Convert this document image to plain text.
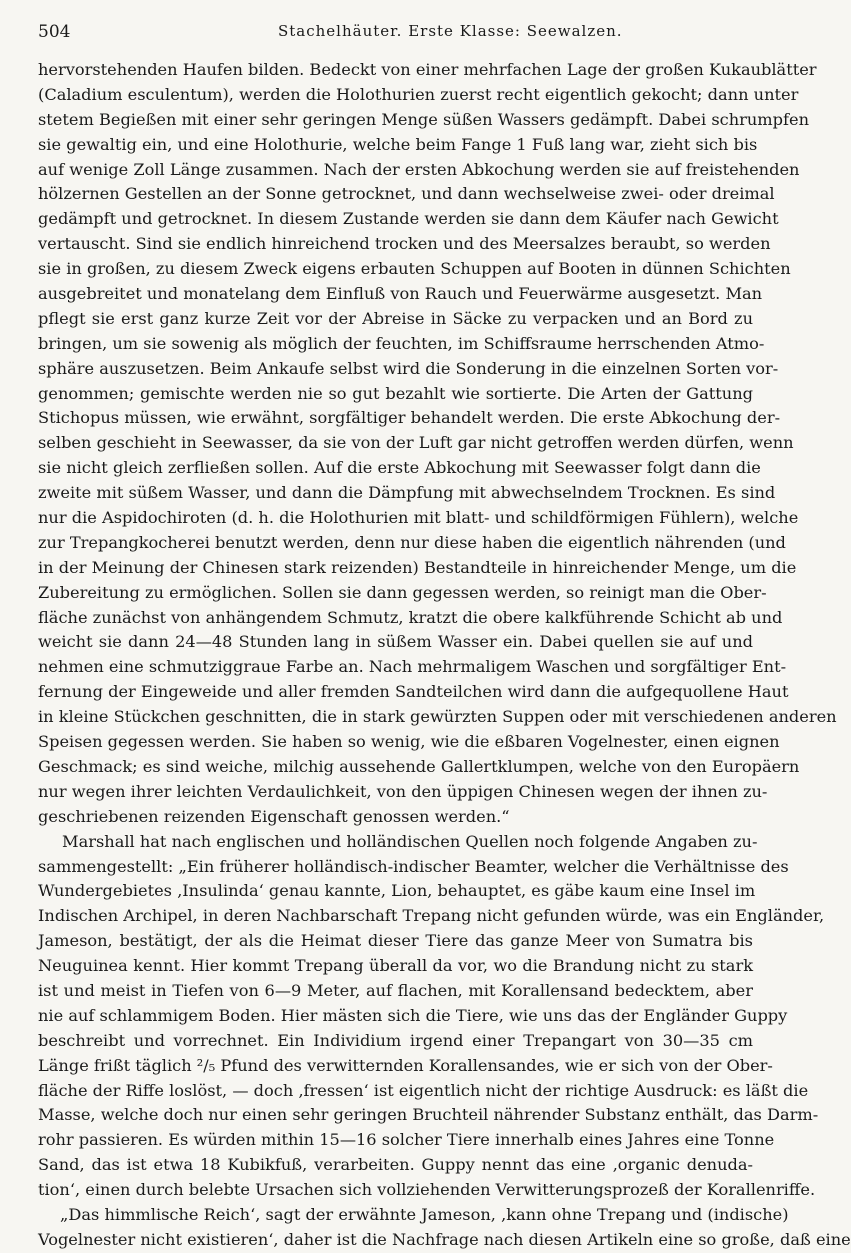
504	Stachelhäuter. Erste Klasse: Seewalzen.
hervorstehenden Haufen bilden. Bedeckt von einer mehrfachen Lage der großen Kukaublätter
(Caladium esculentum), werden die Holothurien zuerst recht eigentlich gekocht; dann unter
stetem Begießen mit einer sehr geringen Menge süßen Wassers gedämpft. Dabei schrumpfen
sie gewaltig ein, und eine Holothurie, welche beim Fange 1 Fuß lang war, zieht sich bis
auf wenige Zoll Länge zusammen. Nach der ersten Abkochung werden sie auf freistehenden
hölzernen Gestellen an der Sonne getrocknet, und dann wechselweise zwei- oder dreimal
gedämpft und getrocknet. In diesem Zustande werden sie dann dem Käufer nach Gewicht
vertauscht. Sind sie endlich hinreichend trocken und des Meersalzes beraubt, so werden
sie in großen, zu diesem Zweck eigens erbauten Schuppen auf Booten in dünnen Schichten
ausgebreitet und monatelang dem Einfluß von Rauch und Feuerwärme ausgesetzt. Man
pflegt sie erst ganz kurze Zeit vor der Abreise in Säcke zu verpacken und an Bord zu
bringen, um sie sowenig als möglich der feuchten, im Schiffsraume herrschenden Atmo-
sphäre auszusetzen. Beim Ankaufe selbst wird die Sonderung in die einzelnen Sorten vor-
genommen; gemischte werden nie so gut bezahlt wie sortierte. Die Arten der Gattung
Stichopus müssen, wie erwähnt, sorgfältiger behandelt werden. Die erste Abkochung der-
selben geschieht in Seewasser, da sie von der Luft gar nicht getroffen werden dürfen, wenn
sie nicht gleich zerfließen sollen. Auf die erste Abkochung mit Seewasser folgt dann die
zweite mit süßem Wasser, und dann die Dämpfung mit abwechselndem Trocknen. Es sind
nur die Aspidochiroten (d. h. die Holothurien mit blatt- und schildförmigen Fühlern), welche
zur Trepangkocherei benutzt werden, denn nur diese haben die eigentlich nährenden (und
in der Meinung der Chinesen stark reizenden) Bestandteile in hinreichender Menge, um die
Zubereitung zu ermöglichen. Sollen sie dann gegessen werden, so reinigt man die Ober-
fläche zunächst von anhängendem Schmutz, kratzt die obere kalkführende Schicht ab und
weicht sie dann 24—48 Stunden lang in süßem Wasser ein. Dabei quellen sie auf und
nehmen eine schmutziggraue Farbe an. Nach mehrmaligem Waschen und sorgfältiger Ent-
fernung der Eingeweide und aller fremden Sandteilchen wird dann die aufgequollene Haut
in kleine Stückchen geschnitten, die in stark gewürzten Suppen oder mit verschiedenen anderen
Speisen gegessen werden. Sie haben so wenig, wie die eßbaren Vogelnester, einen eignen
Geschmack; es sind weiche, milchig aussehende Gallertklumpen, welche von den Europäern
nur wegen ihrer leichten Verdaulichkeit, von den üppigen Chinesen wegen der ihnen zu-
geschriebenen reizenden Eigenschaft genossen werden.“
Marshall hat nach englischen und holländischen Quellen noch folgende Angaben zu-
sammengestellt: „Ein früherer holländisch-indischer Beamter, welcher die Verhältnisse des
Wundergebietes ‚Insulinda‘ genau kannte, Lion, behauptet, es gäbe kaum eine Insel im
Indischen Archipel, in deren Nachbarschaft Trepang nicht gefunden würde, was ein Engländer,
Jameson, bestätigt, der als die Heimat dieser Tiere das ganze Meer von Sumatra bis
Neuguinea kennt. Hier kommt Trepang überall da vor, wo die Brandung nicht zu stark
ist und meist in Tiefen von 6—9 Meter, auf flachen, mit Korallensand bedecktem, aber
nie auf schlammigem Boden. Hier mästen sich die Tiere, wie uns das der Engländer Guppy
beschreibt und vorrechnet. Ein Individium irgend einer Trepangart von 30—35 cm
Länge frißt täglich ²/₅ Pfund des verwitternden Korallensandes, wie er sich von der Ober-
fläche der Riffe loslöst, — doch ‚fressen‘ ist eigentlich nicht der richtige Ausdruck: es läßt die
Masse, welche doch nur einen sehr geringen Bruchteil nährender Substanz enthält, das Darm-
rohr passieren. Es würden mithin 15—16 solcher Tiere innerhalb eines Jahres eine Tonne
Sand, das ist etwa 18 Kubikfuß, verarbeiten. Guppy nennt das eine ‚organic denuda-
tion‘, einen durch belebte Ursachen sich vollziehenden Verwitterungsprozeß der Korallenriffe.
„Das himmlische Reich‘, sagt der erwähnte Jameson, ‚kann ohne Trepang und (indische)
Vogelnester nicht existieren‘, daher ist die Nachfrage nach diesen Artikeln eine so große, daß eine
